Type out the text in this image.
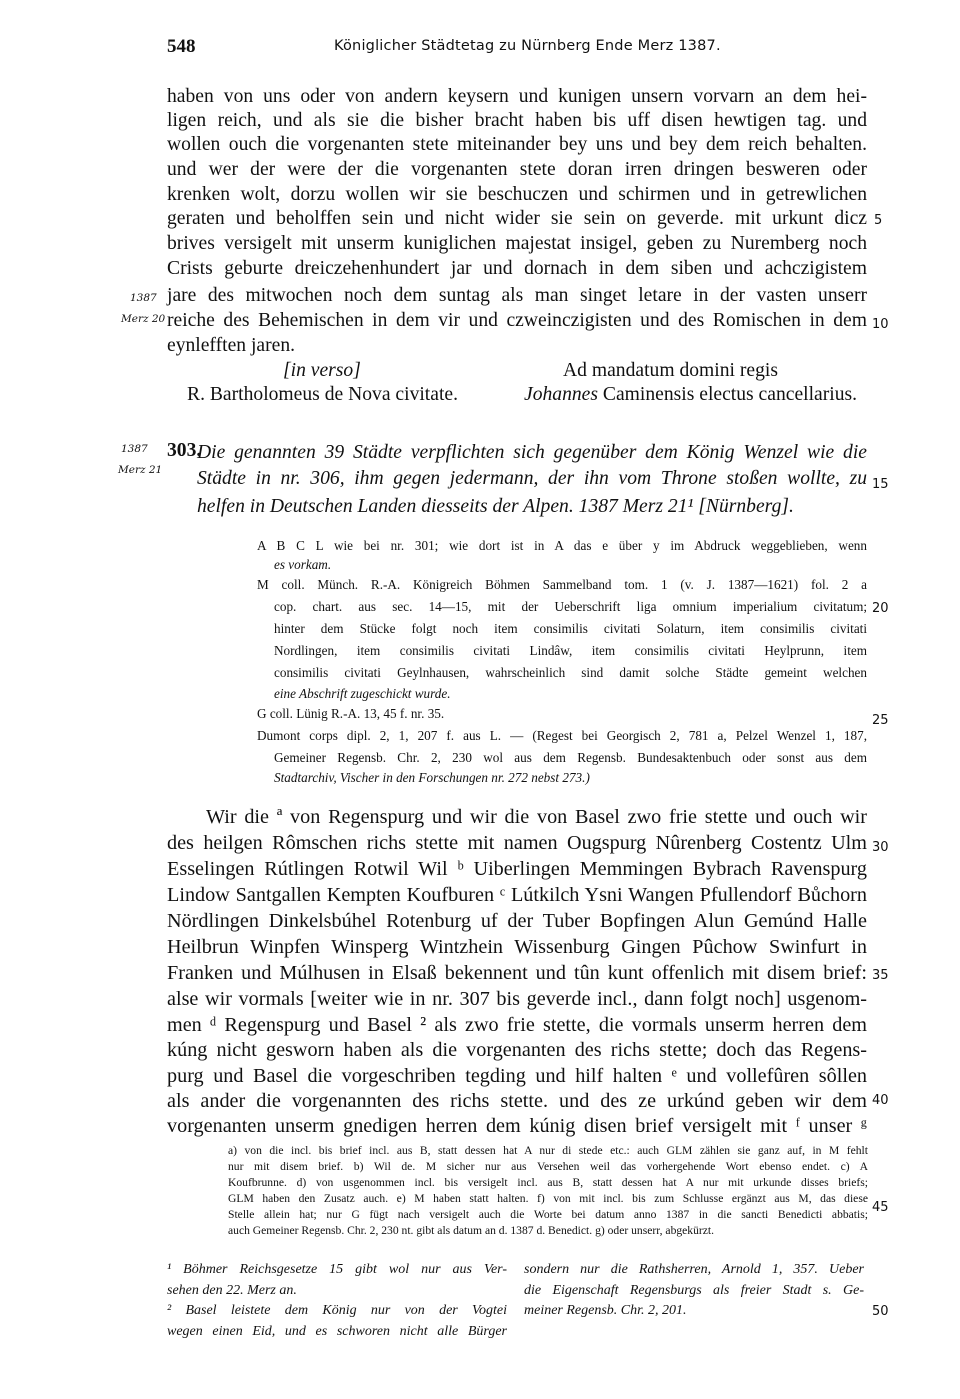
548	Königlicher Städtetag zu Nürnberg Ende Merz 1387.
haben von uns oder von andern keysern und kunigen unsern vorvarn an dem hei-
ligen reich, und als sie die bisher bracht haben bis uff disen hewtigen tag. und
wollen ouch die vorgenanten stete miteinander bey uns und bey dem reich behalten.
und wer der were der die vorgenanten stete doran irren dringen besweren oder
krenken wolt, dorzu wollen wir sie beschuczen und schirmen und in getrewlichen
geraten und beholffen sein und nicht wider sie sein on geverde. mit urkunt dicz
brives versigelt mit unserm kuniglichen majestat insigel, geben zu Nuremberg noch
Crists geburte dreiczehenhundert jar und dornach in dem siben und achczigistem
jare des mitwochen noch dem suntag als man singet letare in der vasten unserr
reiche des Behemischen in dem vir und czweinczigisten und des Romischen in dem
eynlefften jaren.
1387
Merz 20
5
10
[in verso]	Ad mandatum domini regis
R. Bartholomeus de Nova civitate.	Johannes Caminensis electus cancellarius.
1387
Merz 21
303.
Die genannten 39 Städte verpflichten sich gegenüber dem König Wenzel wie die
Städte in nr. 306, ihm gegen jedermann, der ihn vom Throne stoßen wollte, zu
helfen in Deutschen Landen diesseits der Alpen. 1387 Merz 21¹ [Nürnberg].
15
A B C L wie bei nr. 301; wie dort ist in A das e über y im Abdruck weggeblieben, wenn
es vorkam.
M coll. Münch. R.-A. Königreich Böhmen Sammelband tom. 1 (v. J. 1387—1621) fol. 2 a
cop. chart. aus sec. 14—15, mit der Ueberschrift liga omnium imperialium civitatum;
hinter dem Stücke folgt noch item consimilis civitati Solaturn, item consimilis civitati
Nordlingen, item consimilis civitati Lindâw, item consimilis civitati Heylprunn, item
consimilis civitati Geylnhausen, wahrscheinlich sind damit solche Städte gemeint welchen
eine Abschrift zugeschickt wurde.
G coll. Lünig R.-A. 13, 45 f. nr. 35.
Dumont corps dipl. 2, 1, 207 f. aus L. — (Regest bei Georgisch 2, 781 a, Pelzel Wenzel 1, 187,
Gemeiner Regensb. Chr. 2, 230 wol aus dem Regensb. Bundesaktenbuch oder sonst aus dem
Stadtarchiv, Vischer in den Forschungen nr. 272 nebst 273.)
20
25
Wir die ª von Regenspurg und wir die von Basel zwo frie stette und ouch wir
des heilgen Rômschen richs stette mit namen Ougspurg Nûrenberg Costentz Ulm
Esselingen Rútlingen Rotwil Wil ᵇ Uiberlingen Memmingen Bybrach Ravenspurg
Lindow Santgallen Kempten Koufburen ᶜ Lútkilch Ysni Wangen Pfullendorf Bůchorn
Nördlingen Dinkelsbúhel Rotenburg uf der Tuber Bopfingen Alun Gemúnd Halle
Heilbrun Winpfen Winsperg Wintzhein Wissenburg Gingen Pûchow Swinfurt in
Franken und Múlhusen in Elsaß bekennent und tûn kunt offenlich mit disem brief:
alse wir vormals [weiter wie in nr. 307 bis geverde incl., dann folgt noch] usgenom-
men ᵈ Regenspurg und Basel ² als zwo frie stette, die vormals unserm herren dem
kúng nicht gesworn haben als die vorgenanten des richs stette; doch das Regens-
purg und Basel die vorgeschriben tegding und hilf halten ᵉ und vollefûren sôllen
als ander die vorgenannten des richs stette. und des ze urkúnd geben wir dem
vorgenanten unserm gnedigen herren dem kúnig disen brief versigelt mit ᶠ unser ᵍ
30
35
40
a) von die incl. bis brief incl. aus B, statt dessen hat A nur di stede etc.: auch GLM zählen sie ganz auf, in M fehlt
nur mit disem brief. b) Wil de. M sicher nur aus Versehen weil das vorhergehende Wort ebenso endet. c) A
Koufbrunne. d) von usgenommen incl. bis versigelt incl. aus B, statt dessen hat A nur mit urkunde disses briefs;
GLM haben den Zusatz auch. e) M haben statt halten. f) von mit incl. bis zum Schlusse ergänzt aus M, das diese
Stelle allein hat; nur G fügt nach versigelt auch die Worte bei datum anno 1387 in die sancti Benedicti abbatis;
auch Gemeiner Regensb. Chr. 2, 230 nt. gibt als datum an d. 1387 d. Benedict. g) oder unserr, abgekürzt.
45
¹ Böhmer Reichsgesetze 15 gibt wol nur aus Ver-
sehen den 22. Merz an.
² Basel leistete dem König nur von der Vogtei
wegen einen Eid, und es schworen nicht alle Bürger
sondern nur die Rathsherren, Arnold 1, 357. Ueber
die Eigenschaft Regensburgs als freier Stadt s. Ge-
meiner Regensb. Chr. 2, 201.	50
